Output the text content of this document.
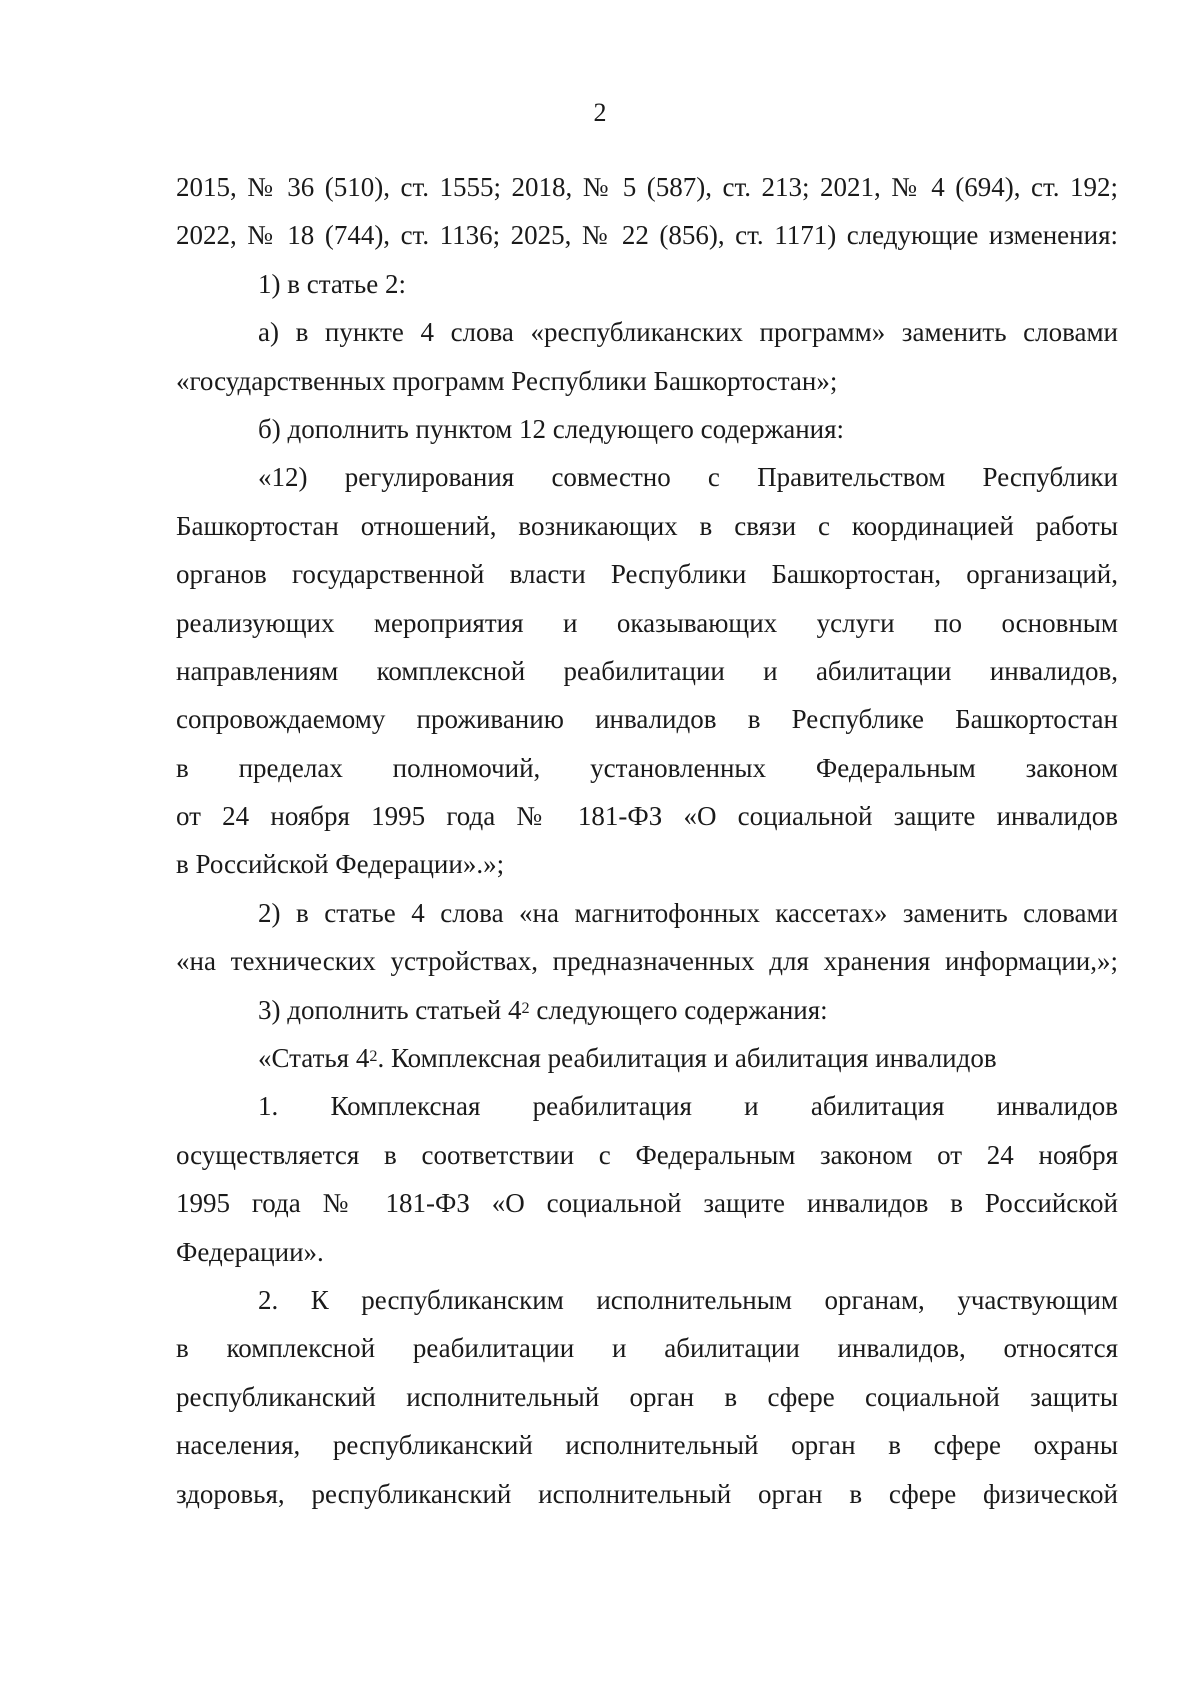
2
2015, № 36 (510), ст. 1555; 2018, № 5 (587), ст. 213; 2021, № 4 (694), ст. 192;
2022, № 18 (744), ст. 1136; 2025, № 22 (856), ст. 1171) следующие изменения:
1) в статье 2:
а) в пункте 4 слова «республиканских программ» заменить словами
«государственных программ Республики Башкортостан»;
б) дополнить пунктом 12 следующего содержания:
«12) регулирования совместно с Правительством Республики
Башкортостан отношений, возникающих в связи с координацией работы
органов государственной власти Республики Башкортостан, организаций,
реализующих мероприятия и оказывающих услуги по основным
направлениям комплексной реабилитации и абилитации инвалидов,
сопровождаемому проживанию инвалидов в Республике Башкортостан
в пределах полномочий, установленных Федеральным законом
от 24 ноября 1995 года № 181-ФЗ «О социальной защите инвалидов
в Российской Федерации».»;
2) в статье 4 слова «на магнитофонных кассетах» заменить словами
«на технических устройствах, предназначенных для хранения информации,»;
3) дополнить статьей $4^2$ следующего содержания:
«Статья $4^2$. Комплексная реабилитация и абилитация инвалидов
1. Комплексная реабилитация и абилитация инвалидов
осуществляется в соответствии с Федеральным законом от 24 ноября
1995 года № 181-ФЗ «О социальной защите инвалидов в Российской
Федерации».
2. К республиканским исполнительным органам, участвующим
в комплексной реабилитации и абилитации инвалидов, относятся
республиканский исполнительный орган в сфере социальной защиты
населения, республиканский исполнительный орган в сфере охраны
здоровья, республиканский исполнительный орган в сфере физической
